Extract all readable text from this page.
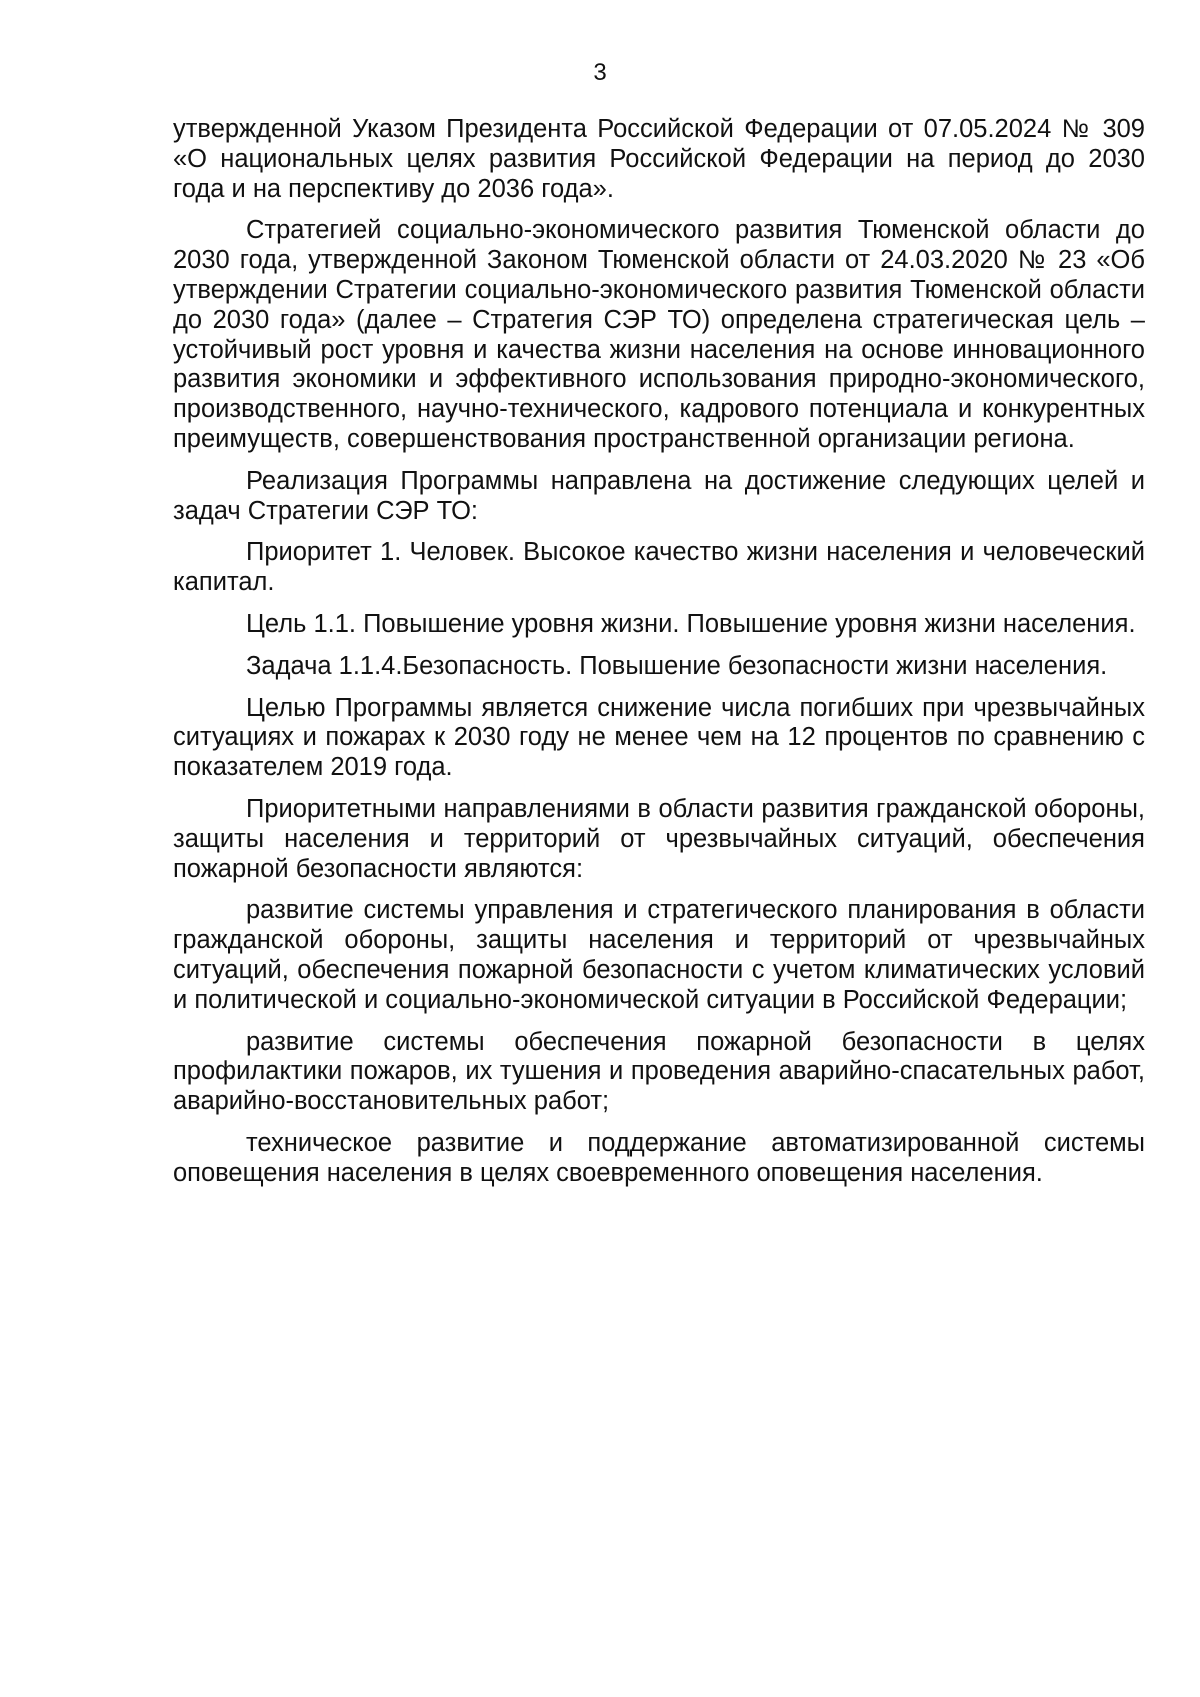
3

утвержденной Указом Президента Российской Федерации от 07.05.2024 № 309 «О национальных целях развития Российской Федерации на период до 2030 года и на перспективу до 2036 года».

Стратегией социально-экономического развития Тюменской области до 2030 года, утвержденной Законом Тюменской области от 24.03.2020 № 23 «Об утверждении Стратегии социально-экономического развития Тюменской области до 2030 года» (далее – Стратегия СЭР ТО) определена стратегическая цель – устойчивый рост уровня и качества жизни населения на основе инновационного развития экономики и эффективного использования природно-экономического, производственного, научно-технического, кадрового потенциала и конкурентных преимуществ, совершенствования пространственной организации региона.

Реализация Программы направлена на достижение следующих целей и задач Стратегии СЭР ТО:

Приоритет 1. Человек. Высокое качество жизни населения и человеческий капитал.

Цель 1.1. Повышение уровня жизни. Повышение уровня жизни населения.

Задача 1.1.4.Безопасность. Повышение безопасности жизни населения.

Целью Программы является снижение числа погибших при чрезвычайных ситуациях и пожарах к 2030 году не менее чем на 12 процентов по сравнению с показателем 2019 года.

Приоритетными направлениями в области развития гражданской обороны, защиты населения и территорий от чрезвычайных ситуаций, обеспечения пожарной безопасности являются:

развитие системы управления и стратегического планирования в области гражданской обороны, защиты населения и территорий от чрезвычайных ситуаций, обеспечения пожарной безопасности с учетом климатических условий и политической и социально-экономической ситуации в Российской Федерации;

развитие системы обеспечения пожарной безопасности в целях профилактики пожаров, их тушения и проведения аварийно-спасательных работ, аварийно-восстановительных работ;

техническое развитие и поддержание автоматизированной системы оповещения населения в целях своевременного оповещения населения.
